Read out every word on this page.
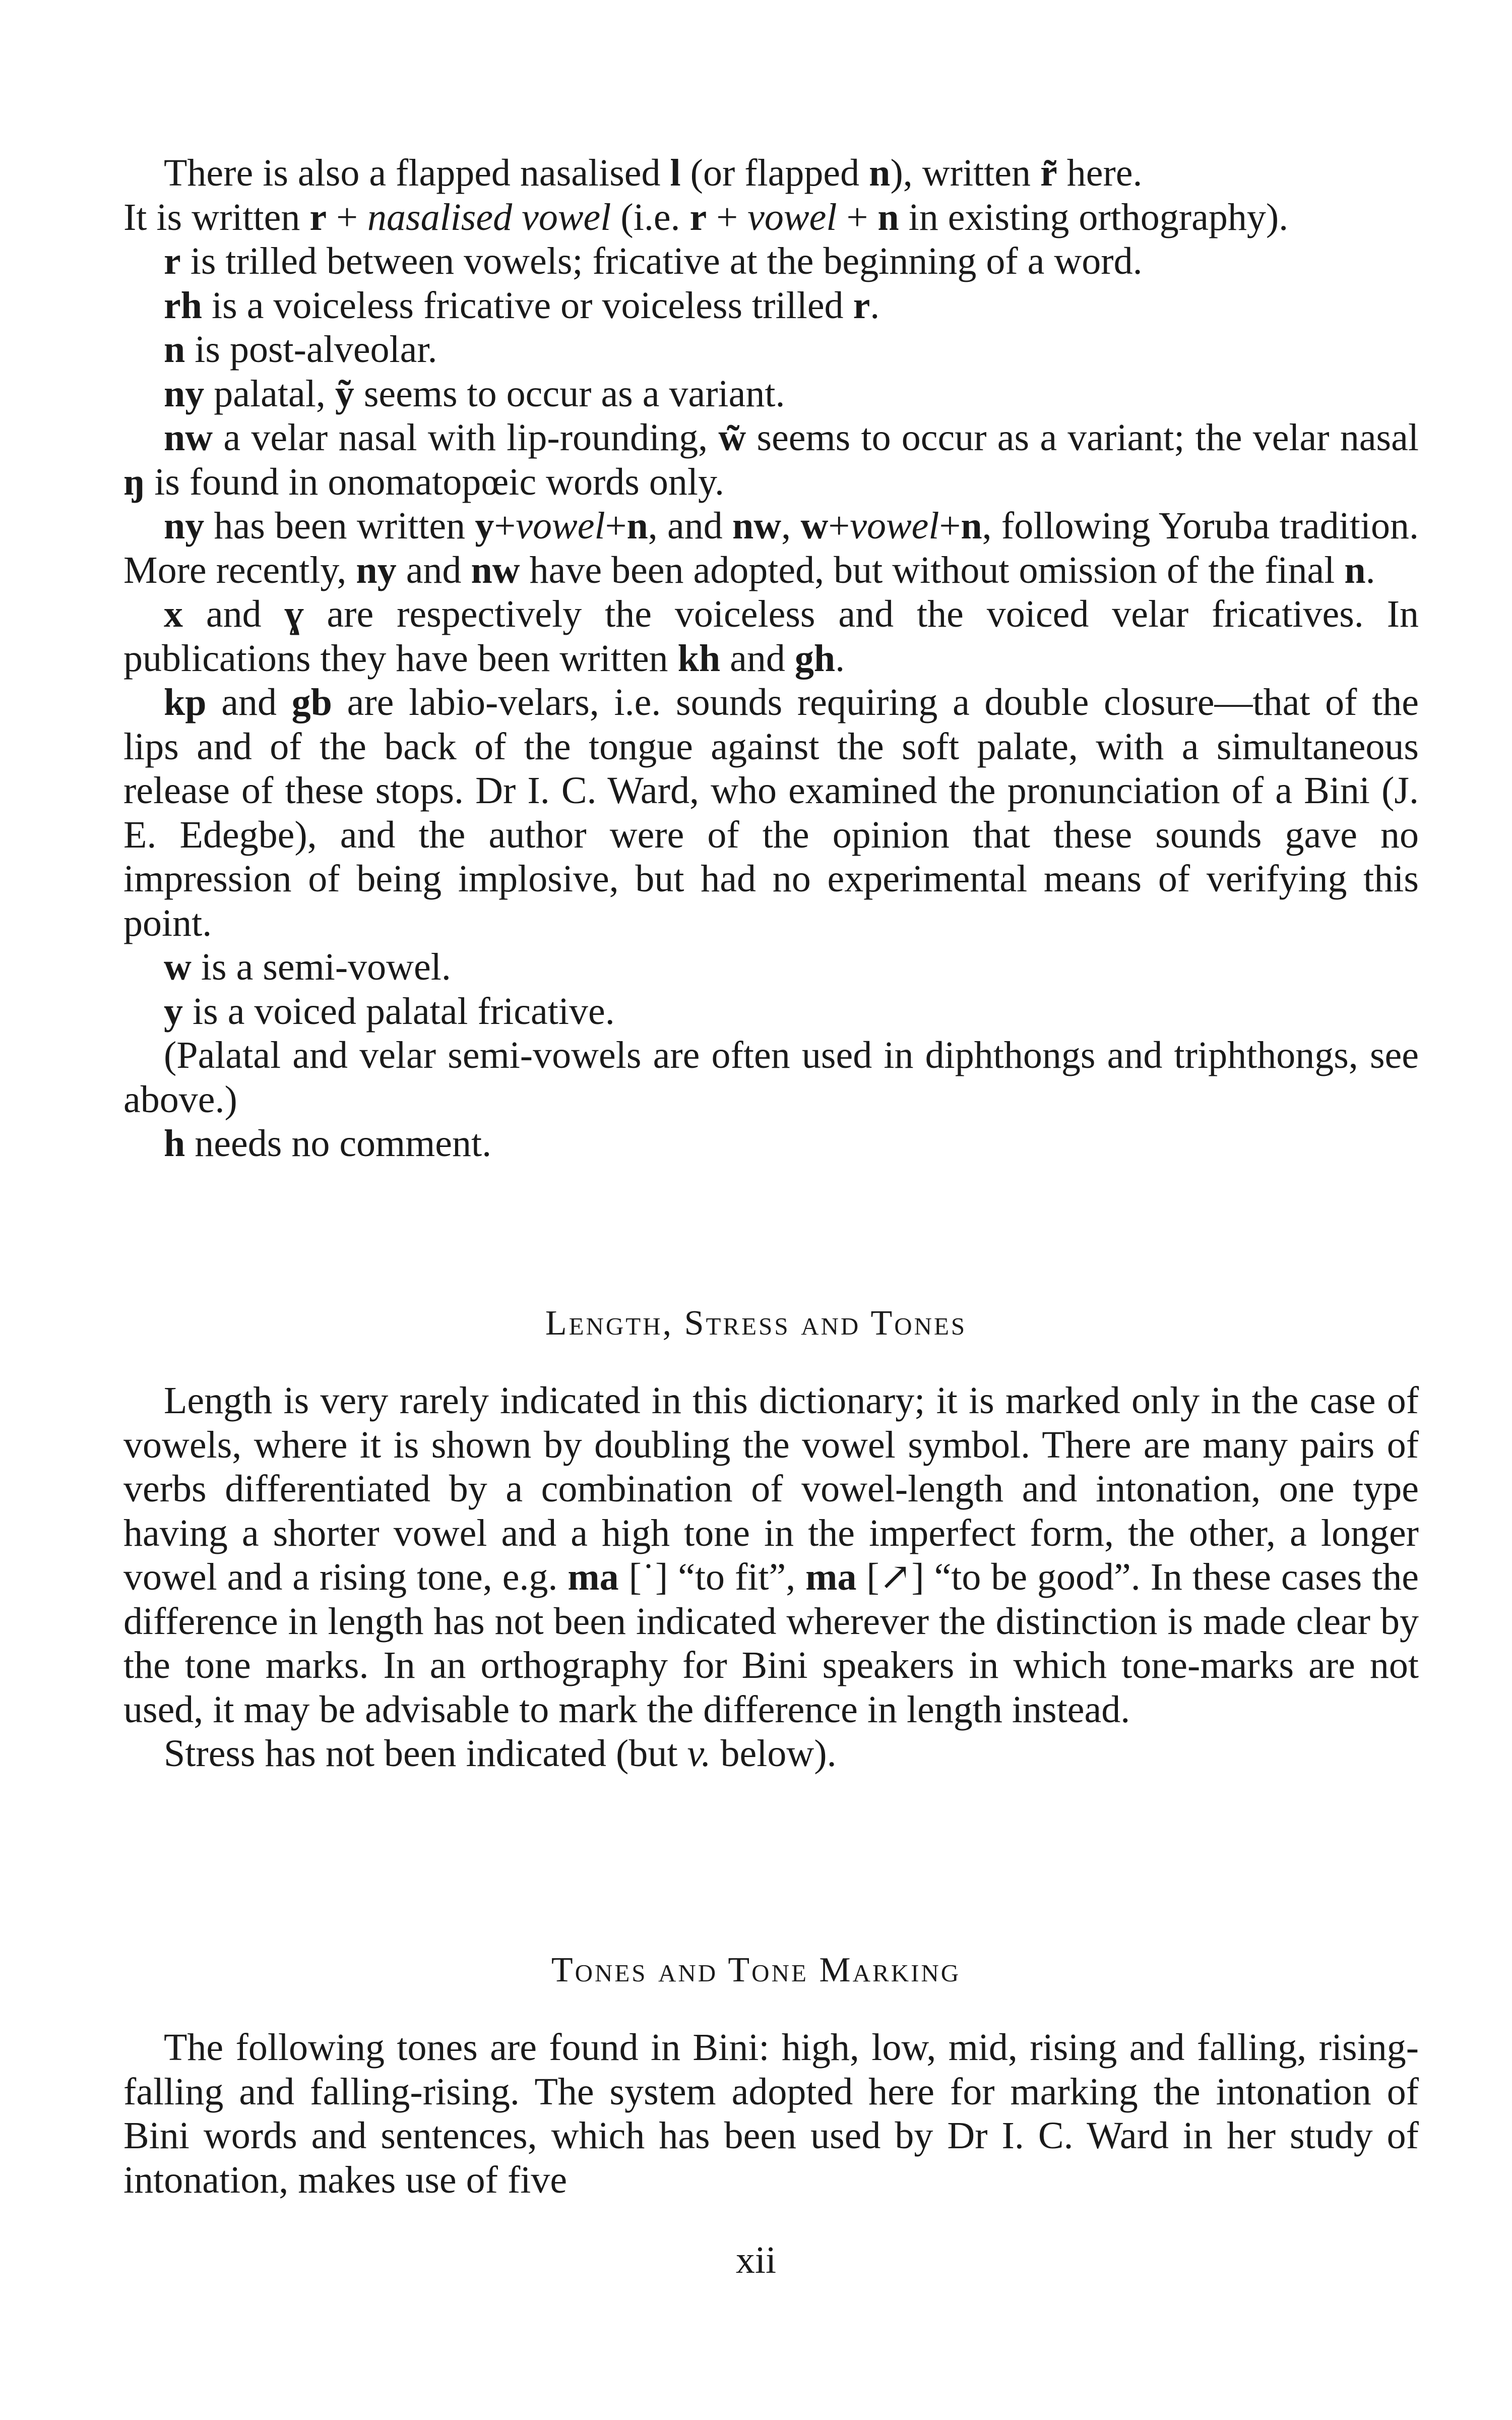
There is also a flapped nasalised l (or flapped n), written r̃ here.

It is written r + nasalised vowel (i.e. r + vowel + n in existing orthography).

r is trilled between vowels; fricative at the beginning of a word.

rh is a voiceless fricative or voiceless trilled r.

n is post-alveolar.

ny palatal, ỹ seems to occur as a variant.

nw a velar nasal with lip-rounding, w̃ seems to occur as a variant; the velar nasal ŋ is found in onomatopœic words only.

ny has been written y+vowel+n, and nw, w+vowel+n, following Yoruba tradition. More recently, ny and nw have been adopted, but without omission of the final n.

x and ɣ are respectively the voiceless and the voiced velar fricatives. In publications they have been written kh and gh.

kp and gb are labio-velars, i.e. sounds requiring a double closure—that of the lips and of the back of the tongue against the soft palate, with a simultaneous release of these stops. Dr I. C. Ward, who examined the pronunciation of a Bini (J. E. Edegbe), and the author were of the opinion that these sounds gave no impression of being implosive, but had no experimental means of verifying this point.

w is a semi-vowel.

y is a voiced palatal fricative.

(Palatal and velar semi-vowels are often used in diphthongs and triphthongs, see above.)

h needs no comment.

Length, Stress and Tones

Length is very rarely indicated in this dictionary; it is marked only in the case of vowels, where it is shown by doubling the vowel symbol. There are many pairs of verbs differentiated by a combination of vowel-length and intonation, one type having a shorter vowel and a high tone in the imperfect form, the other, a longer vowel and a rising tone, e.g. ma [˙] “to fit”, ma [↗] “to be good”. In these cases the difference in length has not been indicated wherever the distinction is made clear by the tone marks. In an orthography for Bini speakers in which tone-marks are not used, it may be advisable to mark the difference in length instead.

Stress has not been indicated (but v. below).

Tones and Tone Marking

The following tones are found in Bini: high, low, mid, rising and falling, rising-falling and falling-rising. The system adopted here for marking the intonation of Bini words and sentences, which has been used by Dr I. C. Ward in her study of intonation, makes use of five

xii
